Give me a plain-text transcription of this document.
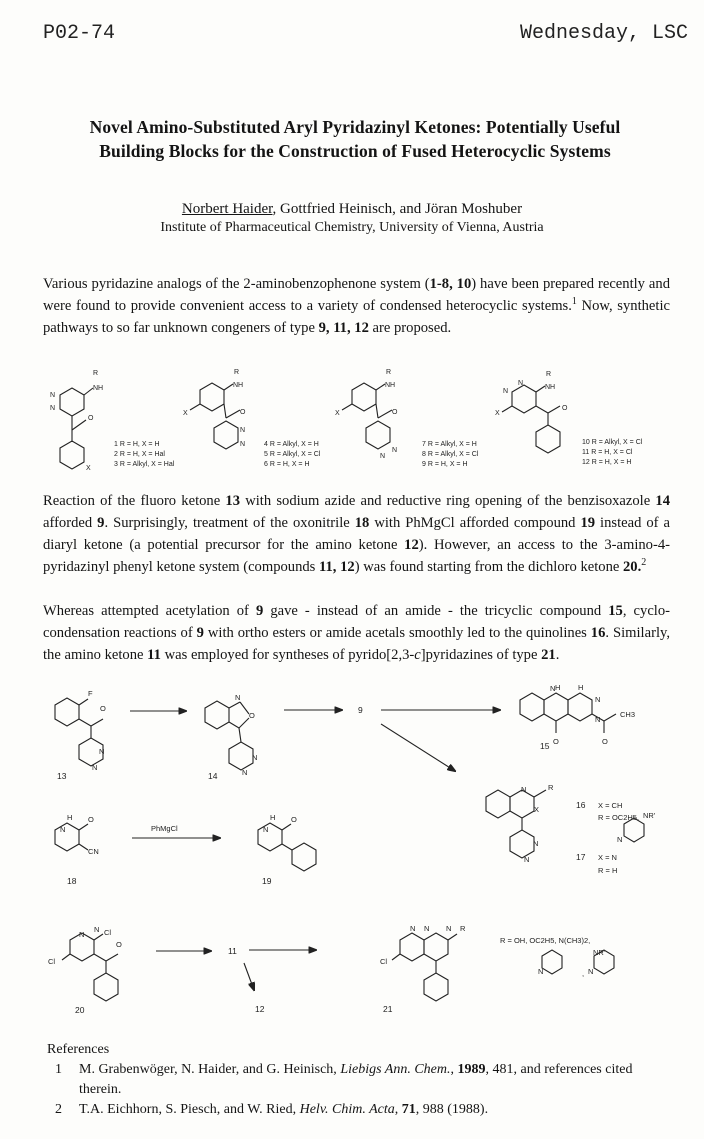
P02-74	Wednesday, LSC
Novel Amino-Substituted Aryl Pyridazinyl Ketones: Potentially Useful
Building Blocks for the Construction of Fused Heterocyclic Systems
Norbert Haider, Gottfried Heinisch, and Jöran Moshuber
Institute of Pharmaceutical Chemistry, University of Vienna, Austria
Various pyridazine analogs of the 2-aminobenzophenone system (1-8, 10) have been prepared recently and were found to provide convenient access to a variety of condensed heterocyclic systems.$^1$ Now, synthetic pathways to so far unknown congeners of type 9, 11, 12 are proposed.
R
NH
N
N
O
X
1 R = H, X = H
2 R = H, X = Hal
3 R = Alkyl, X = Hal
R
NH
X	O
N
N	4 R = Alkyl, X = H
5 R = Alkyl, X = Cl
6 R = H, X = H
R
NH
X	O
N
N
7 R = Alkyl, X = H
8 R = Alkyl, X = Cl
9 R = H, X = H
R
NH
N
N
X
O
10 R = Alkyl, X = Cl
11 R = H, X = Cl
12 R = H, X = H
Reaction of the fluoro ketone 13 with sodium azide and reductive ring opening of the benzisoxazole 14 afforded 9. Surprisingly, treatment of the oxonitrile 18 with PhMgCl afforded compound 19 instead of a diaryl ketone (a potential precursor for the amino ketone 12). However, an access to the 3-amino-4-pyridazinyl phenyl ketone system (compounds 11, 12) was found starting from the dichloro ketone 20.$^2$
Whereas attempted acetylation of 9 gave - instead of an amide - the tricyclic compound 15, cyclo-condensation reactions of 9 with ortho esters or amide acetals smoothly led to the quinolines 16. Similarly, the amino ketone 11 was employed for syntheses of pyrido[2,3-c]pyridazines of type 21.
F
O
N
N
N
O
N
N
N H H
N
N
O	O
CH3
N	R
X
N
N
H
N
O
CN
H
N
O
N
N Cl
Cl
O
N N N R
Cl
NR'
N
NR'
N
N	,
13	14
9
15
18	19
20
11
12	21
PhMgCl
16 X = CH
R = OC2H5,
17 X = N
R = H
R = OH, OC2H5, N(CH3)2,
References
1	M. Grabenwöger, N. Haider, and G. Heinisch, Liebigs Ann. Chem., 1989, 481, and references cited therein.
2	T.A. Eichhorn, S. Piesch, and W. Ried, Helv. Chim. Acta, 71, 988 (1988).
